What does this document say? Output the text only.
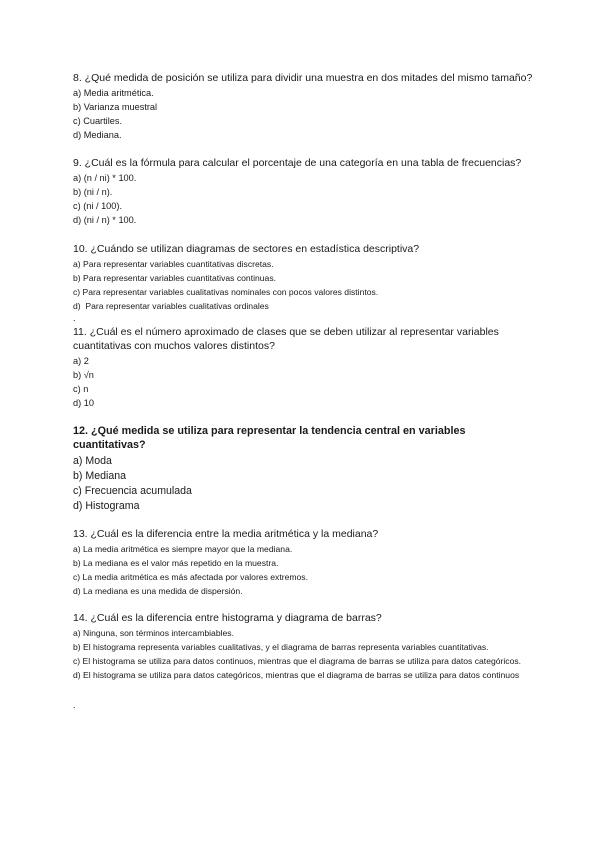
8. ¿Qué medida de posición se utiliza para dividir una muestra en dos mitades del mismo tamaño?

a) Media aritmética.

b) Varianza muestral

c) Cuartiles.

d) Mediana.

9. ¿Cuál es la fórmula para calcular el porcentaje de una categoría en una tabla de frecuencias?

a) (n / ni) * 100.

b) (ni / n).

c) (ni / 100).

d) (ni / n) * 100.

10. ¿Cuándo se utilizan diagramas de sectores en estadística descriptiva?

a) Para representar variables cuantitativas discretas.

b) Para representar variables cuantitativas continuas.

c) Para representar variables cualitativas nominales con pocos valores distintos.

d)  Para representar variables cualitativas ordinales

.

11. ¿Cuál es el número aproximado de clases que se deben utilizar al representar variables cuantitativas con muchos valores distintos?

a) 2

b) √n

c) n

d) 10

12. ¿Qué medida se utiliza para representar la tendencia central en variables cuantitativas?

a) Moda

b) Mediana

c) Frecuencia acumulada

d) Histograma

13. ¿Cuál es la diferencia entre la media aritmética y la mediana?

a) La media aritmética es siempre mayor que la mediana.

b) La mediana es el valor más repetido en la muestra.

c) La media aritmética es más afectada por valores extremos.

d) La mediana es una medida de dispersión.

14. ¿Cuál es la diferencia entre histograma y diagrama de barras?

a) Ninguna, son términos intercambiables.

b) El histograma representa variables cualitativas, y el diagrama de barras representa variables cuantitativas.

c) El histograma se utiliza para datos continuos, mientras que el diagrama de barras se utiliza para datos categóricos.

d) El histograma se utiliza para datos categóricos, mientras que el diagrama de barras se utiliza para datos continuos

.
